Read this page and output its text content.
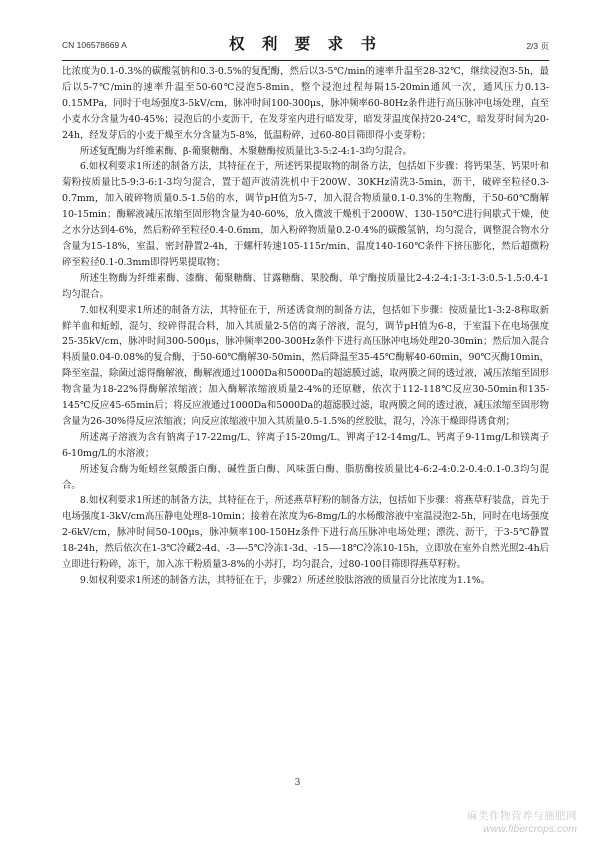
CN 106578669 A	权 利 要 求 书	2/3 页

比浓度为0.1-0.3%的碳酸氢钠和0.3-0.5%的复配酶，然后以3-5℃/min的速率升温至28-32℃，继续浸泡3-5h，最后以5-7℃/min的速率升温至50-60℃浸泡5-8min，整个浸泡过程每隔15-20min通风一次，通风压力0.13-0.15MPa，同时于电场强度3-5kV/cm，脉冲时间100-300μs，脉冲频率60-80Hz条件进行高压脉冲电场处理，直至小麦水分含量为40-45%；浸泡后的小麦沥干，在发芽室内进行暗发芽，暗发芽温度保持20-24℃，暗发芽时间为20-24h，经发芽后的小麦干燥至水分含量为5-8%，低温粉碎，过60-80目筛即得小麦芽粉；

所述复配酶为纤维素酶、β-葡聚糖酶、木聚糖酶按质量比3-5:2-4:1-3均匀混合。

6.如权利要求1所述的制备方法，其特征在于，所述钙果提取物的制备方法，包括如下步骤：将钙果茎、钙果叶和菊粉按质量比5-9:3-6:1-3均匀混合，置于超声波清洗机中于200W、30KHz清洗3-5min，沥干，破碎至粒径0.3-0.7mm，加入破碎物质量0.5-1.5倍的水，调节pH值为5-7，加入混合物质量0.1-0.3%的生物酶，于50-60℃酶解10-15min；酶解液减压浓缩至固形物含量为40-60%，放入微波干燥机于2000W、130-150℃进行间歇式干燥，使之水分达到4-6%，然后粉碎至粒径0.4-0.6mm，加入粉碎物质量0.2-0.4%的碳酸氢钠，均匀混合，调整混合物水分含量为15-18%，室温、密封静置2-4h，于螺杆转速105-115r/min、温度140-160℃条件下挤压膨化，然后超微粉碎至粒径0.1-0.3mm即得钙果提取物；

所述生物酶为纤维素酶、漆酶、葡聚糖酶、甘露糖酶、果胶酶、单宁酶按质量比2-4:2-4:1-3:1-3:0.5-1.5:0.4-1均匀混合。

7.如权利要求1所述的制备方法，其特征在于，所述诱食剂的制备方法，包括如下步骤：按质量比1-3:2-8称取新鲜羊血和蚯蚓，混匀，绞碎得混合料，加入其质量2-5倍的离子溶液，混匀，调节pH值为6-8，于室温下在电场强度25-35kV/cm，脉冲时间300-500μs，脉冲频率200-300Hz条件下进行高压脉冲电场处理20-30min；然后加入混合料质量0.04-0.08%的复合酶，于50-60℃酶解30-50min，然后降温至35-45℃酶解40-60min，90℃灭酶10min，降至室温，除菌过滤得酶解液，酶解液通过1000Da和5000Da的超滤膜过滤，取两膜之间的透过液，减压浓缩至固形物含量为18-22%得酶解浓缩液；加入酶解浓缩液质量2-4%的还原糖，依次于112-118℃反应30-50min和135-145℃反应45-65min后；将反应液通过1000Da和5000Da的超滤膜过滤，取两膜之间的透过液，减压浓缩至固形物含量为26-30%得反应浓缩液；向反应浓缩液中加入其质量0.5-1.5%的丝胶肽，混匀，冷冻干燥即得诱食剂；

所述离子溶液为含有钠离子17-22mg/L、锌离子15-20mg/L、钾离子12-14mg/L、钙离子9-11mg/L和镁离子6-10mg/L的水溶液；

所述复合酶为蚯蚓丝氨酸蛋白酶、碱性蛋白酶、风味蛋白酶、脂肪酶按质量比4-6:2-4:0.2-0.4:0.1-0.3均匀混合。

8.如权利要求1所述的制备方法，其特征在于，所述燕草籽粉的制备方法，包括如下步骤：将燕草籽装盘，首先于电场强度1-3kV/cm高压静电处理8-10min；接着在浓度为6-8mg/L的水杨酸溶液中室温浸泡2-5h，同时在电场强度2-6kV/cm，脉冲时间50-100μs，脉冲频率100-150Hz条件下进行高压脉冲电场处理；漂洗、沥干，于3-5℃静置18-24h，然后依次在1-3℃冷藏2-4d、-3—-5℃冷冻1-3d、-15—-18℃冷冻10-15h，立即放在室外自然光照2-4h后立即进行粉碎，冻干，加入冻干粉质量3-8%的小苏打，均匀混合，过80-100目筛即得燕草籽粉。

9.如权利要求1所述的制备方法，其特征在于，步骤2）所述丝胶肽溶液的质量百分比浓度为1.1%。

3
麻类作物营养与施肥网
www.fibercrops.com
